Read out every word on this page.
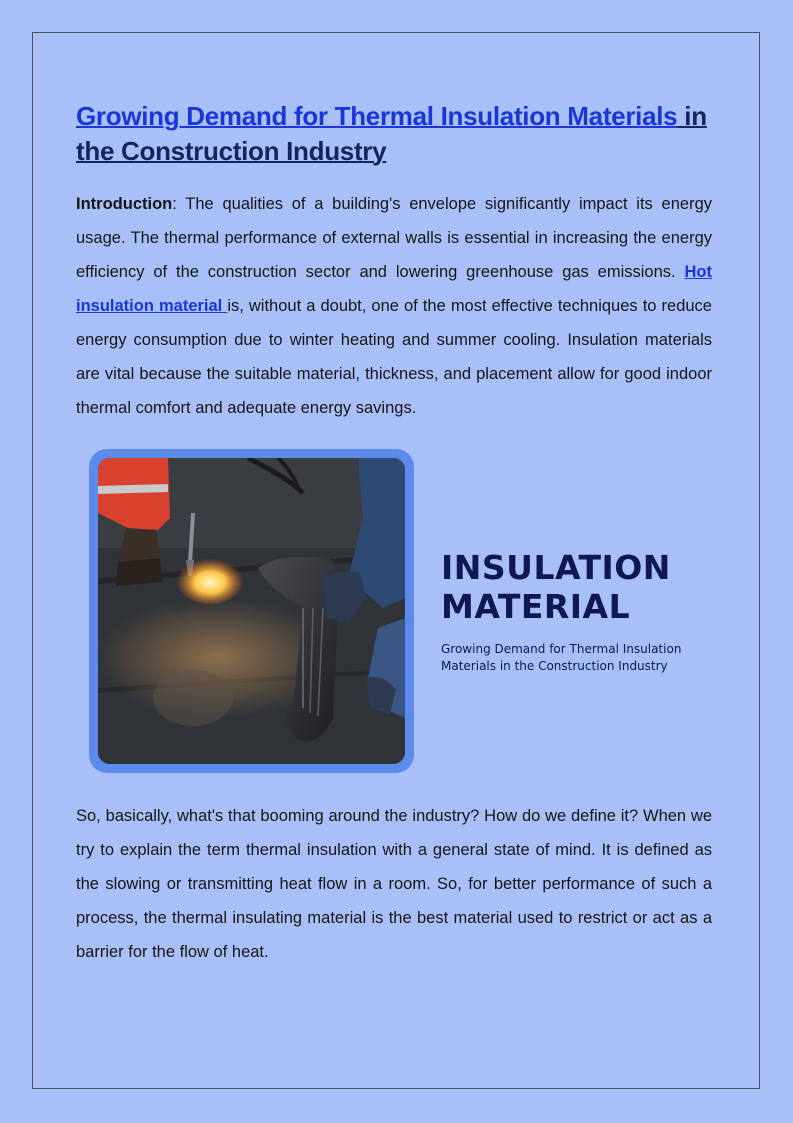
Growing Demand for Thermal Insulation Materials in the Construction Industry

Introduction: The qualities of a building's envelope significantly impact its energy usage. The thermal performance of external walls is essential in increasing the energy efficiency of the construction sector and lowering greenhouse gas emissions. Hot insulation material is, without a doubt, one of the most effective techniques to reduce energy consumption due to winter heating and summer cooling. Insulation materials are vital because the suitable material, thickness, and placement allow for good indoor thermal comfort and adequate energy savings.

INSULATION
MATERIAL

Growing Demand for Thermal Insulation
Materials in the Construction Industry

So, basically, what's that booming around the industry? How do we define it? When we try to explain the term thermal insulation with a general state of mind. It is defined as the slowing or transmitting heat flow in a room. So, for better performance of such a process, the thermal insulating material is the best material used to restrict or act as a barrier for the flow of heat.
